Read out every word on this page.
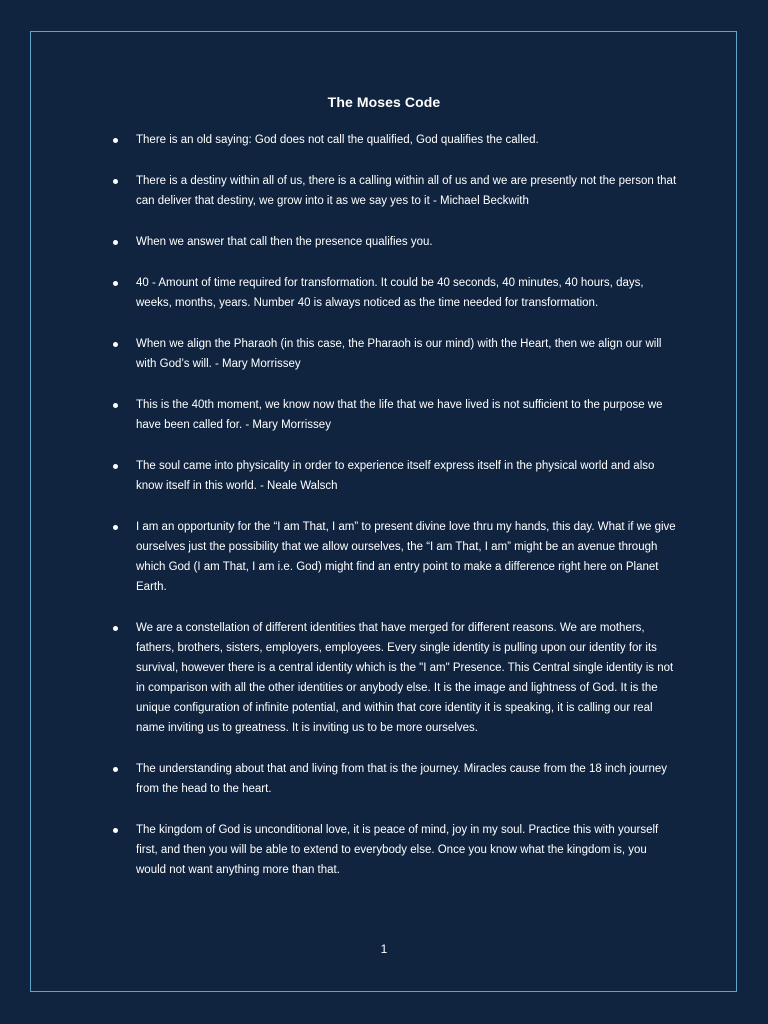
The Moses Code
There is an old saying: God does not call the qualified, God qualifies the called.
There is a destiny within all of us, there is a calling within all of us and we are presently not the person that can deliver that destiny, we grow into it as we say yes to it - Michael Beckwith
When we answer that call then the presence qualifies you.
40 - Amount of time required for transformation. It could be 40 seconds, 40 minutes, 40 hours, days, weeks, months, years. Number 40 is always noticed as the time needed for transformation.
When we align the Pharaoh (in this case, the Pharaoh is our mind) with the Heart, then we align our will with God’s will. - Mary Morrissey
This is the 40th moment, we know now that the life that we have lived is not sufficient to the purpose we have been called for. - Mary Morrissey
The soul came into physicality in order to experience itself express itself in the physical world and also know itself in this world. - Neale Walsch
I am an opportunity for the “I am That, I am” to present divine love thru my hands, this day. What if we give ourselves just the possibility that we allow ourselves, the “I am That, I am” might be an avenue through which God (I am That, I am i.e. God) might find an entry point to make a difference right here on Planet Earth.
We are a constellation of different identities that have merged for different reasons. We are mothers, fathers, brothers, sisters, employers, employees. Every single identity is pulling upon our identity for its survival, however there is a central identity which is the "I am" Presence. This Central single identity is not in comparison with all the other identities or anybody else. It is the image and lightness of God. It is the unique configuration of infinite potential, and within that core identity it is speaking, it is calling our real name inviting us to greatness. It is inviting us to be more ourselves.
The understanding about that and living from that is the journey. Miracles cause from the 18 inch journey from the head to the heart.
The kingdom of God is unconditional love, it is peace of mind, joy in my soul. Practice this with yourself first, and then you will be able to extend to everybody else. Once you know what the kingdom is, you would not want anything more than that.
1
